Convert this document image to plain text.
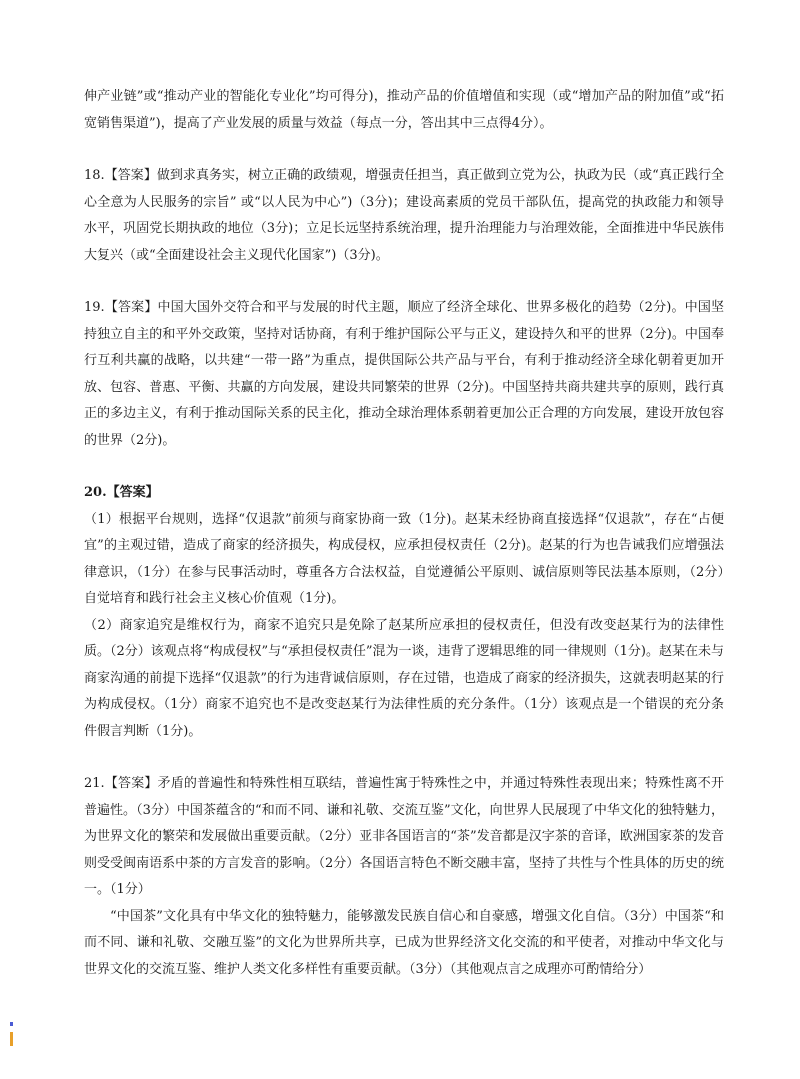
伸产业链”或“推动产业的智能化专业化”均可得分)，推动产品的价值增值和实现（或“增加产品的附加值”或“拓宽销售渠道”)，提高了产业发展的质量与效益（每点一分，答出其中三点得4分）。

18.【答案】做到求真务实，树立正确的政绩观，增强责任担当，真正做到立党为公，执政为民（或“真正践行全心全意为人民服务的宗旨” 或“以人民为中心”)（3分)；建设高素质的党员干部队伍，提高党的执政能力和领导水平，巩固党长期执政的地位（3分)；立足长远坚持系统治理，提升治理能力与治理效能，全面推进中华民族伟大复兴（或“全面建设社会主义现代化国家”)（3分)。

19.【答案】中国大国外交符合和平与发展的时代主题，顺应了经济全球化、世界多极化的趋势（2分)。中国坚持独立自主的和平外交政策，坚持对话协商，有利于维护国际公平与正义，建设持久和平的世界（2分)。中国奉行互利共赢的战略，以共建“一带一路”为重点，提供国际公共产品与平台，有利于推动经济全球化朝着更加开放、包容、普惠、平衡、共赢的方向发展，建设共同繁荣的世界（2分)。中国坚持共商共建共享的原则，践行真正的多边主义，有利于推动国际关系的民主化，推动全球治理体系朝着更加公正合理的方向发展，建设开放包容的世界（2分)。

20.【答案】

（1）根据平台规则，选择“仅退款”前须与商家协商一致（1分)。赵某未经协商直接选择“仅退款”，存在“占便宜”的主观过错，造成了商家的经济损失，构成侵权，应承担侵权责任（2分)。赵某的行为也告诫我们应增强法律意识，（1分）在参与民事活动时，尊重各方合法权益，自觉遵循公平原则、诚信原则等民法基本原则，（2分）自觉培育和践行社会主义核心价值观（1分)。

（2）商家追究是维权行为，商家不追究只是免除了赵某所应承担的侵权责任，但没有改变赵某行为的法律性质。（2分）该观点将“构成侵权”与“承担侵权责任”混为一谈，违背了逻辑思维的同一律规则（1分)。赵某在未与商家沟通的前提下选择“仅退款”的行为违背诚信原则，存在过错，也造成了商家的经济损失，这就表明赵某的行为构成侵权。（1分）商家不追究也不是改变赵某行为法律性质的充分条件。（1分）该观点是一个错误的充分条件假言判断（1分)。

21.【答案】矛盾的普遍性和特殊性相互联结，普遍性寓于特殊性之中，并通过特殊性表现出来；特殊性离不开普遍性。（3分）中国茶蕴含的“和而不同、谦和礼敬、交流互鉴”文化，向世界人民展现了中华文化的独特魅力，为世界文化的繁荣和发展做出重要贡献。（2分）亚非各国语言的“茶”发音都是汉字茶的音译，欧洲国家茶的发音则受受闽南语系中茶的方言发音的影响。（2分）各国语言特色不断交融丰富，坚持了共性与个性具体的历史的统一。（1分）

“中国茶”文化具有中华文化的独特魅力，能够激发民族自信心和自豪感，增强文化自信。（3分）中国茶“和而不同、谦和礼敬、交融互鉴”的文化为世界所共享，已成为世界经济文化交流的和平使者，对推动中华文化与世界文化的交流互鉴、维护人类文化多样性有重要贡献。（3分）（其他观点言之成理亦可酌情给分）
